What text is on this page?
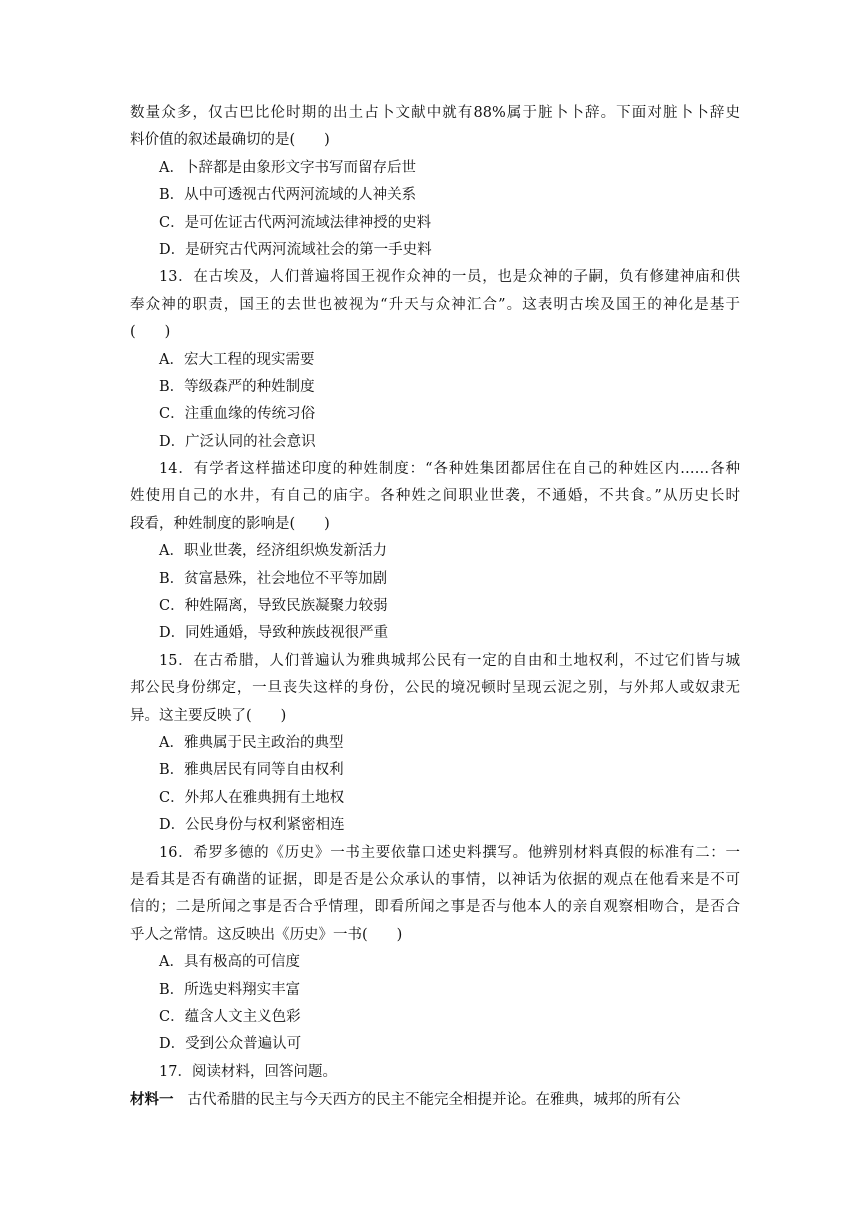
数量众多，仅古巴比伦时期的出土占卜文献中就有88%属于脏卜卜辞。下面对脏卜卜辞史
料价值的叙述最确切的是(　　)
A．卜辞都是由象形文字书写而留存后世
B．从中可透视古代两河流域的人神关系
C．是可佐证古代两河流域法律神授的史料
D．是研究古代两河流域社会的第一手史料
13．在古埃及，人们普遍将国王视作众神的一员，也是众神的子嗣，负有修建神庙和供
奉众神的职责，国王的去世也被视为“升天与众神汇合”。这表明古埃及国王的神化是基于
(　　)
A．宏大工程的现实需要
B．等级森严的种姓制度
C．注重血缘的传统习俗
D．广泛认同的社会意识
14．有学者这样描述印度的种姓制度：“各种姓集团都居住在自己的种姓区内……各种
姓使用自己的水井，有自己的庙宇。各种姓之间职业世袭，不通婚，不共食。”从历史长时
段看，种姓制度的影响是(　　)
A．职业世袭，经济组织焕发新活力
B．贫富悬殊，社会地位不平等加剧
C．种姓隔离，导致民族凝聚力较弱
D．同姓通婚，导致种族歧视很严重
15．在古希腊，人们普遍认为雅典城邦公民有一定的自由和土地权利，不过它们皆与城
邦公民身份绑定，一旦丧失这样的身份，公民的境况顿时呈现云泥之别，与外邦人或奴隶无
异。这主要反映了(　　)
A．雅典属于民主政治的典型
B．雅典居民有同等自由权利
C．外邦人在雅典拥有土地权
D．公民身份与权利紧密相连
16．希罗多德的《历史》一书主要依靠口述史料撰写。他辨别材料真假的标准有二：一
是看其是否有确凿的证据，即是否是公众承认的事情，以神话为依据的观点在他看来是不可
信的；二是所闻之事是否合乎情理，即看所闻之事是否与他本人的亲自观察相吻合，是否合
乎人之常情。这反映出《历史》一书(　　)
A．具有极高的可信度
B．所选史料翔实丰富
C．蕴含人文主义色彩
D．受到公众普遍认可
17．阅读材料，回答问题。
材料一 古代希腊的民主与今天西方的民主不能完全相提并论。在雅典，城邦的所有公
